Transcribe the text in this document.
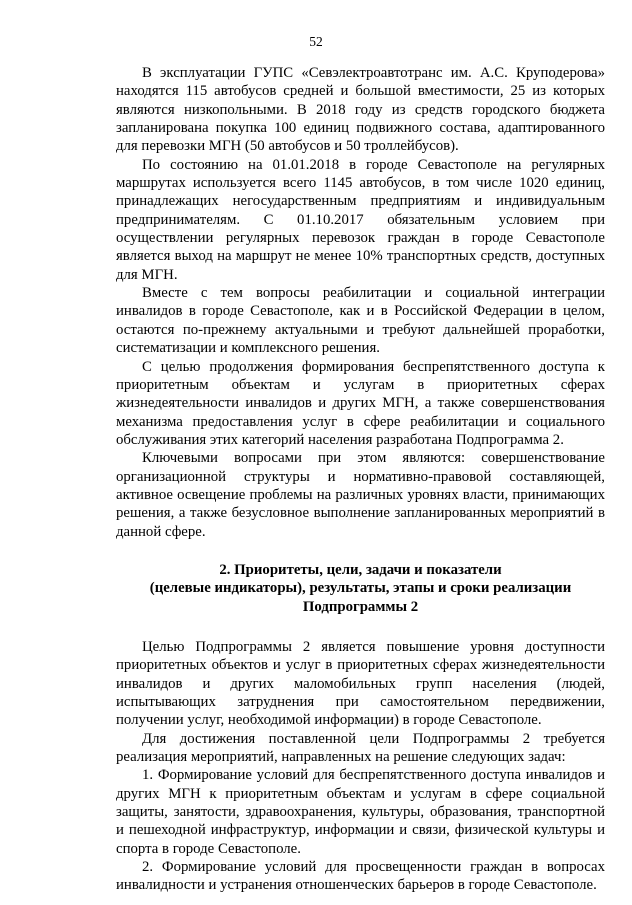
52

В эксплуатации ГУПС «Севэлектроавтотранс им. А.С. Круподерова» находятся 115 автобусов средней и большой вместимости, 25 из которых являются низкопольными. В 2018 году из средств городского бюджета запланирована покупка 100 единиц подвижного состава, адаптированного для перевозки МГН (50 автобусов и 50 троллейбусов).

По состоянию на 01.01.2018 в городе Севастополе на регулярных маршрутах используется всего 1145 автобусов, в том числе 1020 единиц, принадлежащих негосударственным предприятиям и индивидуальным предпринимателям. С 01.10.2017 обязательным условием при осуществлении регулярных перевозок граждан в городе Севастополе является выход на маршрут не менее 10% транспортных средств, доступных для МГН.

Вместе с тем вопросы реабилитации и социальной интеграции инвалидов в городе Севастополе, как и в Российской Федерации в целом, остаются по-прежнему актуальными и требуют дальнейшей проработки, систематизации и комплексного решения.

С целью продолжения формирования беспрепятственного доступа к приоритетным объектам и услугам в приоритетных сферах жизнедеятельности инвалидов и других МГН, а также совершенствования механизма предоставления услуг в сфере реабилитации и социального обслуживания этих категорий населения разработана Подпрограмма 2.

Ключевыми вопросами при этом являются: совершенствование организационной структуры и нормативно-правовой составляющей, активное освещение проблемы на различных уровнях власти, принимающих решения, а также безусловное выполнение запланированных мероприятий в данной сфере.

2. Приоритеты, цели, задачи и показатели

(целевые индикаторы), результаты, этапы и сроки реализации

Подпрограммы 2

Целью Подпрограммы 2 является повышение уровня доступности приоритетных объектов и услуг в приоритетных сферах жизнедеятельности инвалидов и других маломобильных групп населения (людей, испытывающих затруднения при самостоятельном передвижении, получении услуг, необходимой информации) в городе Севастополе.

Для достижения поставленной цели Подпрограммы 2 требуется реализация мероприятий, направленных на решение следующих задач:

1. Формирование условий для беспрепятственного доступа инвалидов и других МГН к приоритетным объектам и услугам в сфере социальной защиты, занятости, здравоохранения, культуры, образования, транспортной и пешеходной инфраструктур, информации и связи, физической культуры и спорта в городе Севастополе.

2. Формирование условий для просвещенности граждан в вопросах инвалидности и устранения отношенческих барьеров в городе Севастополе.
